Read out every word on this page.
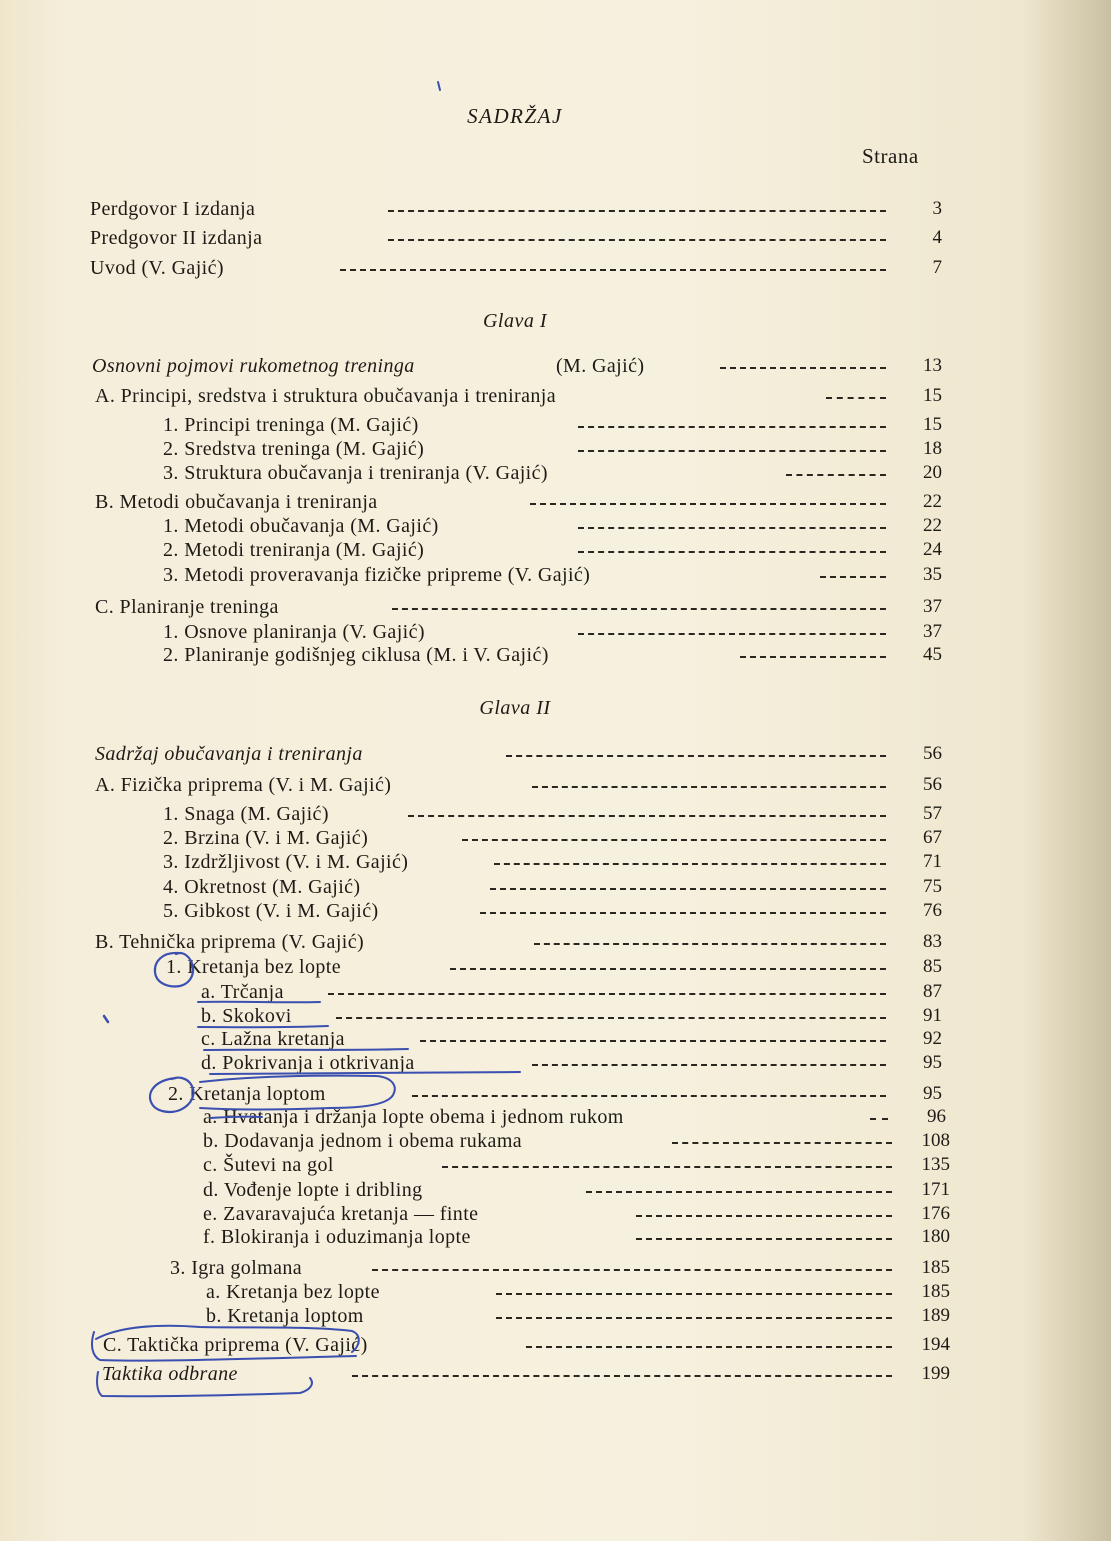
SADRŽAJ
Strana
Perdgovor I izdanja	3
Predgovor II izdanja	4
Uvod (V. Gajić)	7
Glava I
Osnovni pojmovi rukometnog treninga	(M. Gajić)	13
A. Principi, sredstva i struktura obučavanja i treniranja	15
1. Principi treninga (M. Gajić)	15
2. Sredstva treninga (M. Gajić)	18
3. Struktura obučavanja i treniranja (V. Gajić)	20
B. Metodi obučavanja i treniranja	22
1. Metodi obučavanja (M. Gajić)	22
2. Metodi treniranja (M. Gajić)	24
3. Metodi proveravanja fizičke pripreme (V. Gajić)	35
C. Planiranje treninga	37
1. Osnove planiranja (V. Gajić)	37
2. Planiranje godišnjeg ciklusa (M. i V. Gajić)	45
Glava II
Sadržaj obučavanja i treniranja	56
A. Fizička priprema (V. i M. Gajić)	56
1. Snaga (M. Gajić)	57
2. Brzina (V. i M. Gajić)	67
3. Izdržljivost (V. i M. Gajić)	71
4. Okretnost (M. Gajić)	75
5. Gibkost (V. i M. Gajić)	76
B. Tehnička priprema (V. Gajić)	83
1. Kretanja bez lopte	85
a. Trčanja	87
b. Skokovi	91
c. Lažna kretanja	92
d. Pokrivanja i otkrivanja	95
2. Kretanja loptom	95
a. Hvatanja i držanja lopte obema i jednom rukom	96
b. Dodavanja jednom i obema rukama	108
c. Šutevi na gol	135
d. Vođenje lopte i dribling	171
e. Zavaravajuća kretanja — finte	176
f. Blokiranja i oduzimanja lopte	180
3. Igra golmana	185
a. Kretanja bez lopte	185
b. Kretanja loptom	189
C. Taktička priprema (V. Gajić)	194
Taktika odbrane	199
